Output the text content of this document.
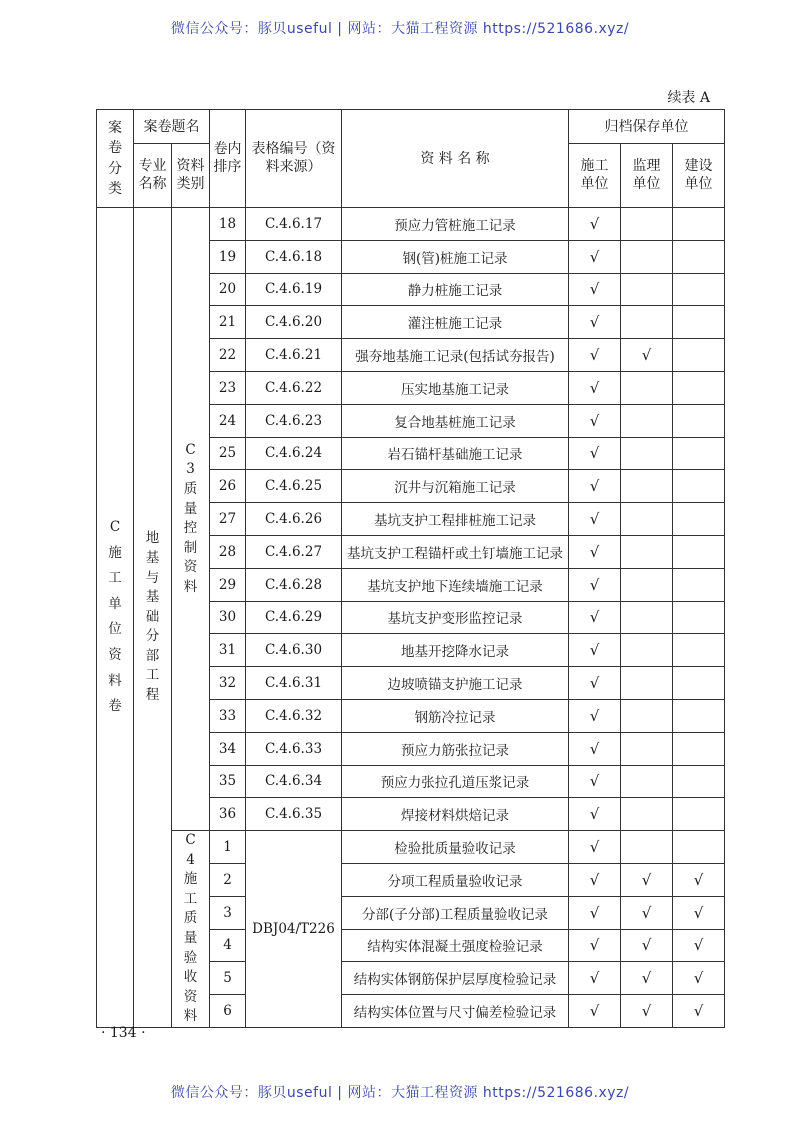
微信公众号：豚贝useful | 网站：大猫工程资源 https://521686.xyz/
续表 A
案卷分类	案卷题名		卷内排序	表格编号（资料来源）	资 料 名 称	归档保存单位		
	专业名称	资料类别				施工单位	监理单位	建设单位
C施工单位资料卷	地基与基础分部工程	C3质量控制资料	18	C.4.6.17	预应力管桩施工记录	√		
			19	C.4.6.18	钢(管)桩施工记录	√		
			20	C.4.6.19	静力桩施工记录	√		
			21	C.4.6.20	灌注桩施工记录	√		
			22	C.4.6.21	强夯地基施工记录(包括试夯报告)	√	√	
			23	C.4.6.22	压实地基施工记录	√		
			24	C.4.6.23	复合地基桩施工记录	√		
			25	C.4.6.24	岩石锚杆基础施工记录	√		
			26	C.4.6.25	沉井与沉箱施工记录	√		
			27	C.4.6.26	基坑支护工程排桩施工记录	√		
			28	C.4.6.27	基坑支护工程锚杆或土钉墙施工记录	√		
			29	C.4.6.28	基坑支护地下连续墙施工记录	√		
			30	C.4.6.29	基坑支护变形监控记录	√		
			31	C.4.6.30	地基开挖降水记录	√		
			32	C.4.6.31	边坡喷锚支护施工记录	√		
			33	C.4.6.32	钢筋冷拉记录	√		
			34	C.4.6.33	预应力筋张拉记录	√		
			35	C.4.6.34	预应力张拉孔道压浆记录	√		
			36	C.4.6.35	焊接材料烘焙记录	√		
		C4施工质量验收资料	1	DBJ04/T226	检验批质量验收记录	√		
			2		分项工程质量验收记录	√	√	√
			3		分部(子分部)工程质量验收记录	√	√	√
			4		结构实体混凝土强度检验记录	√	√	√
			5		结构实体钢筋保护层厚度检验记录	√	√	√
			6		结构实体位置与尺寸偏差检验记录	√	√	√
· 134 ·
微信公众号：豚贝useful | 网站：大猫工程资源 https://521686.xyz/
